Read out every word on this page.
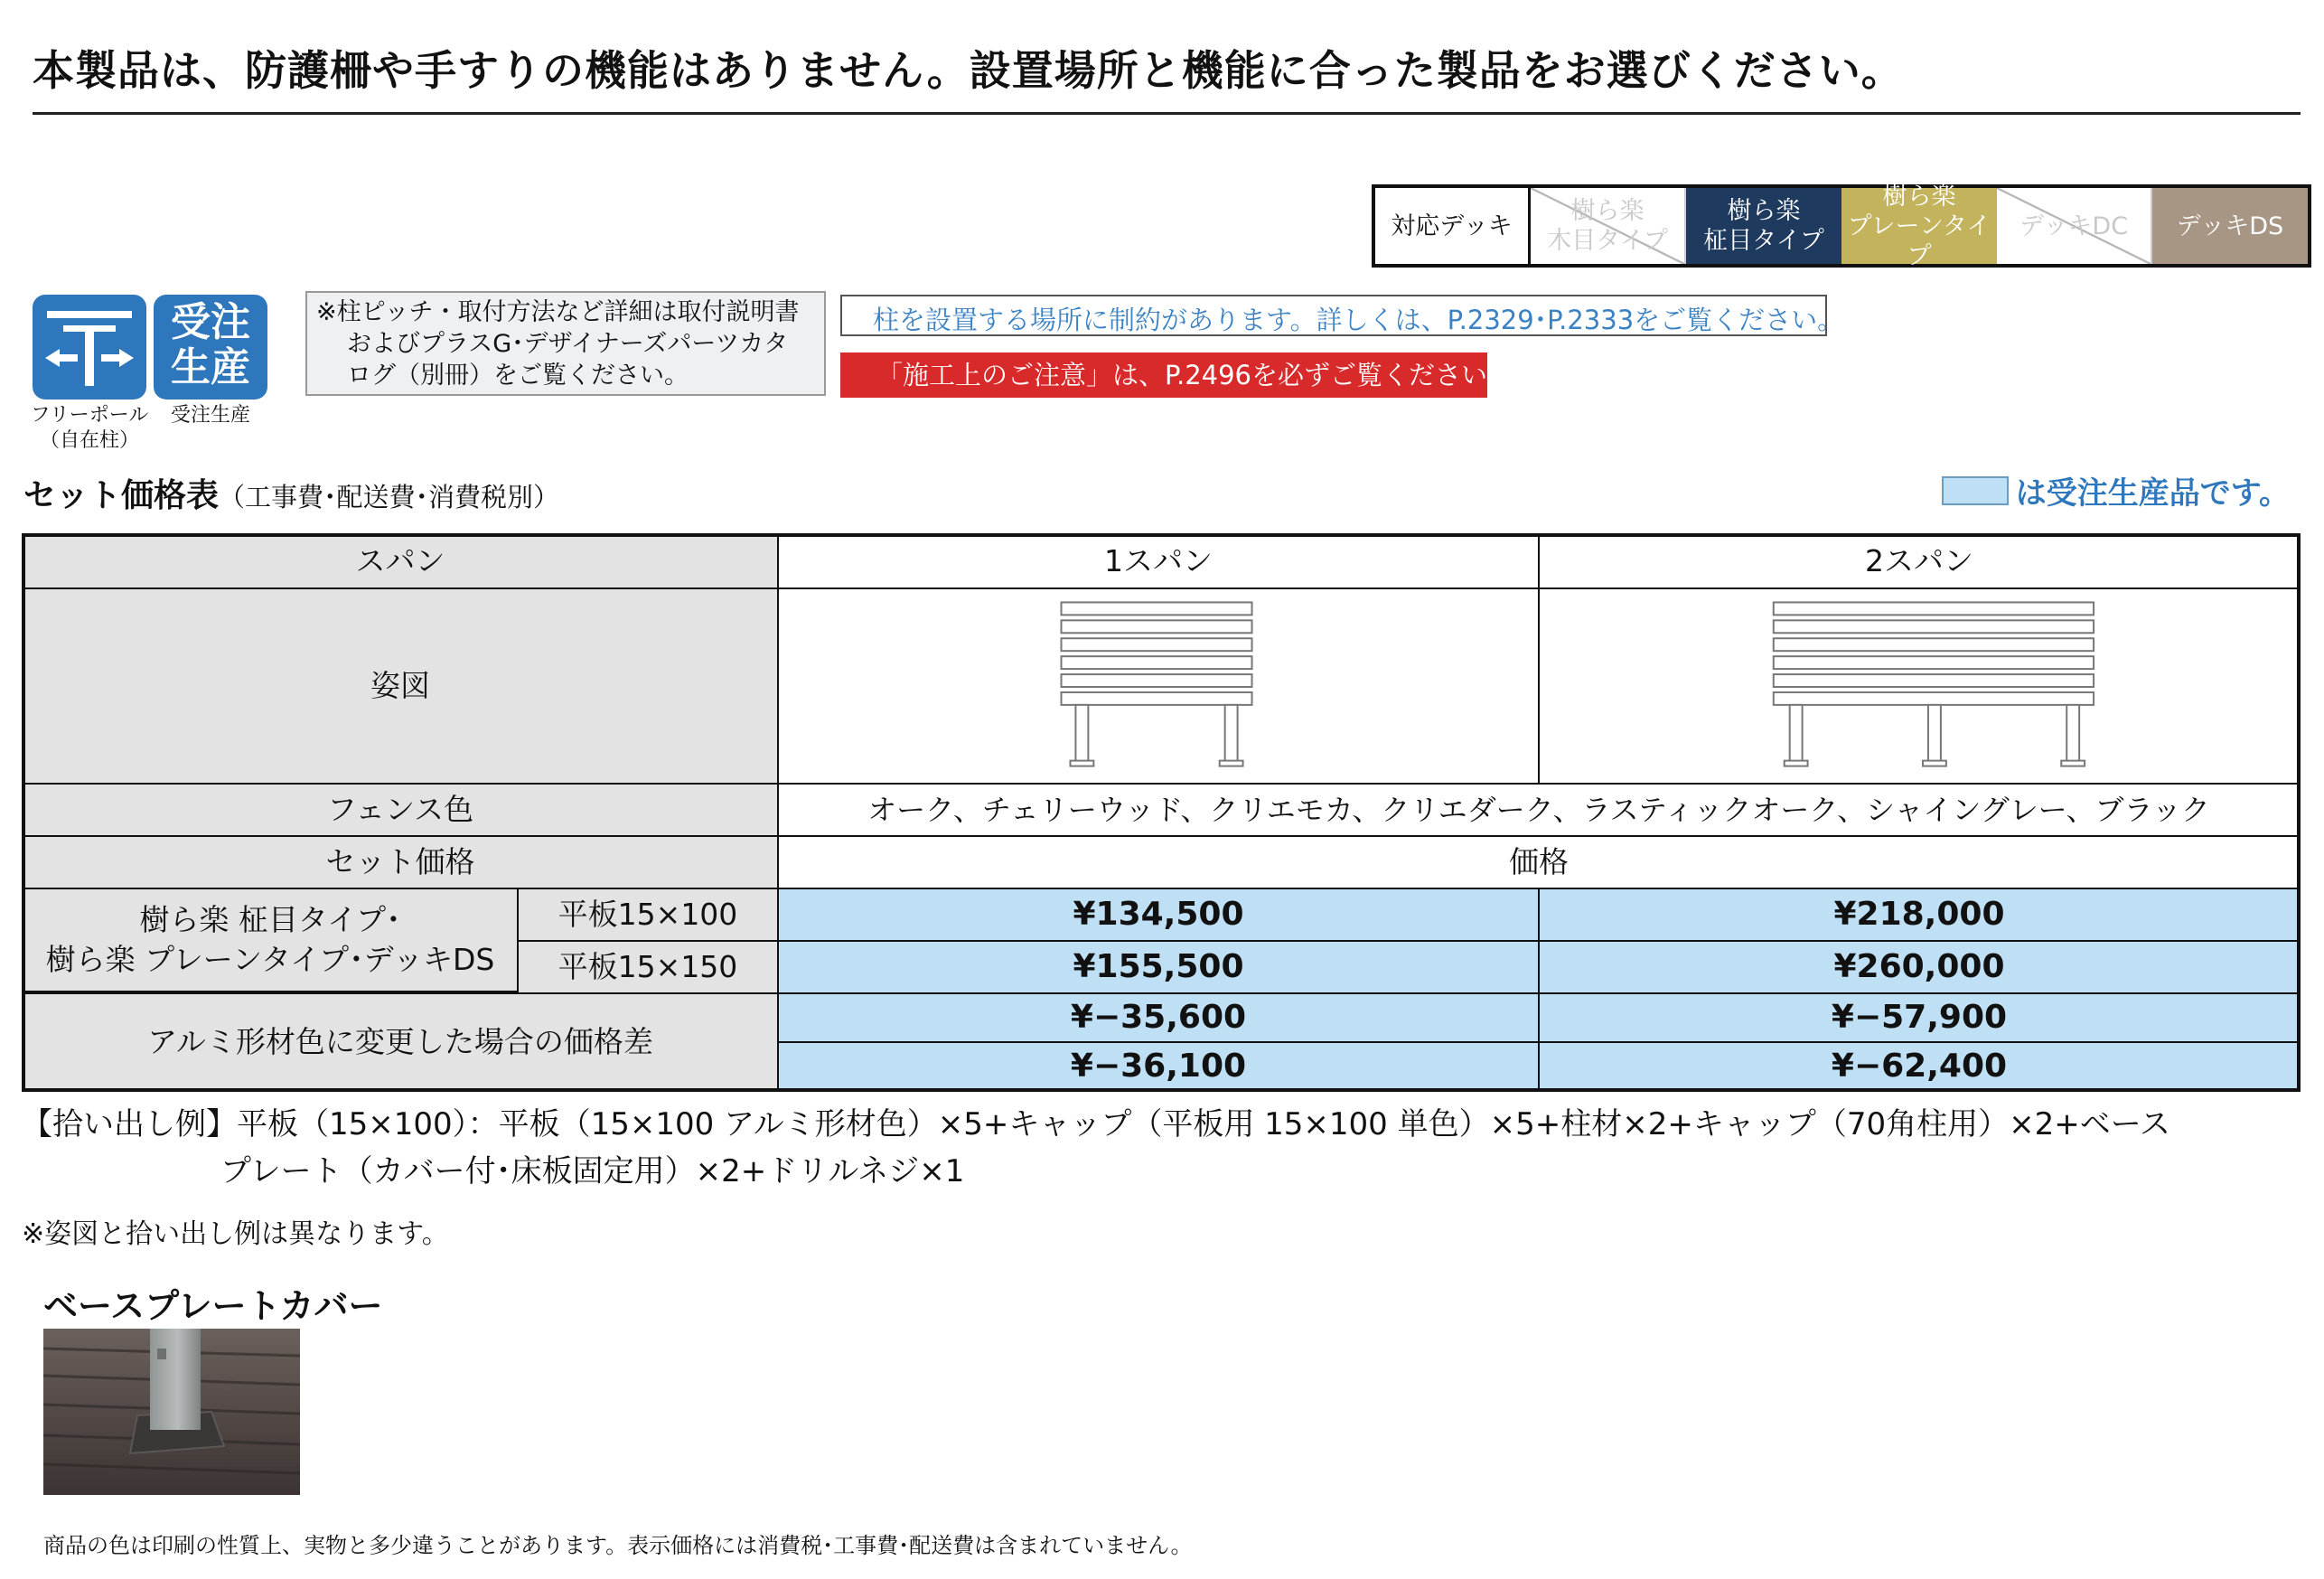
本製品は、防護柵や手すりの機能はありません。設置場所と機能に合った製品をお選びください。
対応デッキ
樹ら楽
木目タイプ
樹ら楽
柾目タイプ
樹ら楽
プレーンタイプ
デッキDC デッキDS
受注
生産
フリーポール
（自在柱）
受注生産
※柱ピッチ・取付方法など詳細は取付説明書
およびプラスG･デザイナーズパーツカタ
ログ（別冊）をご覧ください。
柱を設置する場所に制約があります。詳しくは、P.2329･P.2333をご覧ください。
「施工上のご注意」は、P.2496を必ずご覧ください。
セット価格表（工事費･配送費･消費税別）	は受注生産品です。
スパン	1スパン	2スパン
姿図
フェンス色	オーク、チェリーウッド、クリエモカ、クリエダーク、ラスティックオーク、シャイングレー、ブラック
セット価格	価格
樹ら楽 柾目タイプ･
樹ら楽 プレーンタイプ･デッキDS
平板15×100	¥134,500	¥218,000
平板15×150	¥155,500	¥260,000
アルミ形材色に変更した場合の価格差
¥−35,600	¥−57,900
¥−36,100	¥−62,400
【拾い出し例】平板（15×100）：平板（15×100 アルミ形材色）×5+キャップ（平板用 15×100 単色）×5+柱材×2+キャップ（70角柱用）×2+ベース
プレート（カバー付･床板固定用）×2+ドリルネジ×1
※姿図と拾い出し例は異なります。
ベースプレートカバー
商品の色は印刷の性質上、実物と多少違うことがあります。表示価格には消費税･工事費･配送費は含まれていません。
